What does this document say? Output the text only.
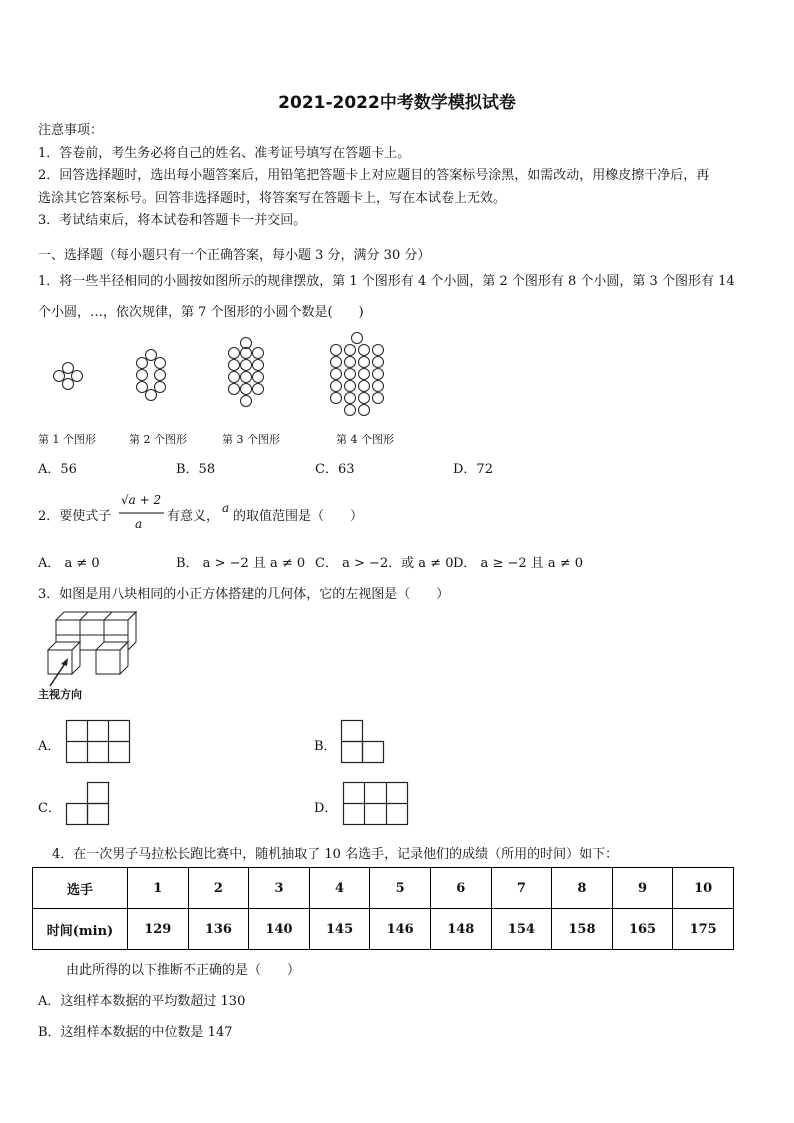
2021-2022中考数学模拟试卷
注意事项：
1．答卷前，考生务必将自己的姓名、准考证号填写在答题卡上。
2．回答选择题时，选出每小题答案后，用铅笔把答题卡上对应题目的答案标号涂黑，如需改动，用橡皮擦干净后，再
选涂其它答案标号。回答非选择题时，将答案写在答题卡上，写在本试卷上无效。
3．考试结束后，将本试卷和答题卡一并交回。
一、选择题（每小题只有一个正确答案，每小题 3 分，满分 30 分）
1．将一些半径相同的小圆按如图所示的规律摆放，第 1 个图形有 4 个小圆，第 2 个图形有 8 个小圆，第 3 个图形有 14
个小圆，…，依次规律，第 7 个图形的小圆个数是(　　)
第 1 个图形	第 2 个图形	第 3 个图形	第 4 个图形
A．56	B．58	C．63	D．72
2．要使式子
√a + 2
a 有意义，
a
的取值范围是（　　）
A． a ≠ 0	B． a > −2 且 a ≠ 0 C． a > −2．或 a ≠ 0 D． a ≥ −2 且 a ≠ 0
3．如图是用八块相同的小正方体搭建的几何体，它的左视图是（　　）
主视方向
A．	B．
C．	D．
4．在一次男子马拉松长跑比赛中，随机抽取了 10 名选手，记录他们的成绩（所用的时间）如下：
选手	1	2	3	4	5	6	7	8	9	10
时间(min)	129	136	140	145	146	148	154	158	165	175
由此所得的以下推断不正确的是（　　）
A．这组样本数据的平均数超过 130
B．这组样本数据的中位数是 147
